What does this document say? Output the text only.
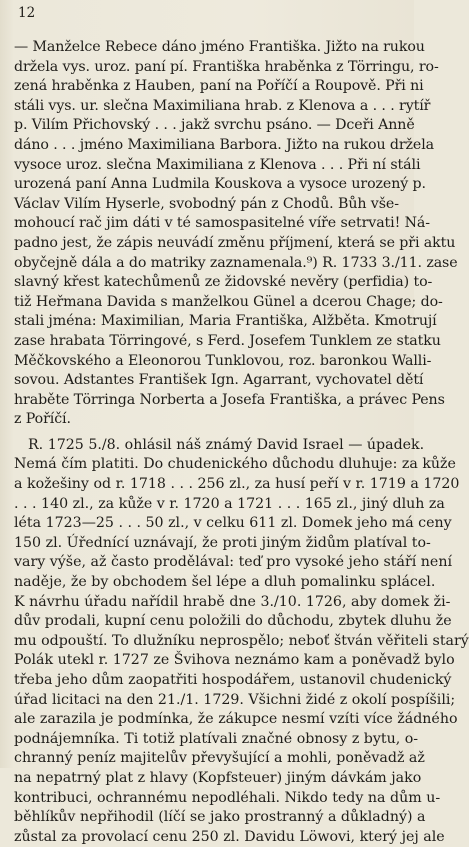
12
— Manželce Rebece dáno jméno Františka. Jižto na rukou
držela vys. uroz. paní pí. Františka hraběnka z Törringu, ro-
zená hraběnka z Hauben, paní na Poříčí a Roupově. Při ni
stáli vys. ur. slečna Maximiliana hrab. z Klenova a . . . rytíř
p. Vilím Přichovský . . . jakž svrchu psáno. — Dceři Anně
dáno . . . jméno Maximiliana Barbora. Jižto na rukou držela
vysoce uroz. slečna Maximiliana z Klenova . . . Při ní stáli
urozená paní Anna Ludmila Kouskova a vysoce urozený p.
Václav Vilím Hyserle, svobodný pán z Chodů. Bůh vše-
mohoucí rač jim dáti v té samospasitelné víře setrvati! Ná-
padno jest, že zápis neuvádí změnu příjmení, která se při aktu
obyčejně dála a do matriky zaznamenala.⁹) R. 1733 3./11. zase
slavný křest katechůmenů ze židovské nevěry (perfidia) to-
tiž Heřmana Davida s manželkou Günel a dcerou Chage; do-
stali jména: Maximilian, Maria Františka, Alžběta. Kmotrují
zase hrabata Törringové, s Ferd. Josefem Tunklem ze statku
Měčkovského a Eleonorou Tunklovou, roz. baronkou Walli-
sovou. Adstantes František Ign. Agarrant, vychovatel dětí
hraběte Törringa Norberta a Josefa Františka, a právec Pens
z Poříčí.
R. 1725 5./8. ohlásil náš známý David Israel — úpadek.
Nemá čím platiti. Do chudenického důchodu dluhuje: za kůže
a kožešiny od r. 1718 . . . 256 zl., za husí peří v r. 1719 a 1720
. . . 140 zl., za kůže v r. 1720 a 1721 . . . 165 zl., jiný dluh za
léta 1723—25 . . . 50 zl., v celku 611 zl. Domek jeho má ceny
150 zl. Úřednící uznávají, že proti jiným židům platíval to-
vary výše, až často prodělával: teď pro vysoké jeho stáří není
naděje, že by obchodem šel lépe a dluh pomalinku splácel.
K návrhu úřadu nařídil hrabě dne 3./10. 1726, aby domek ži-
dův prodali, kupní cenu položili do důchodu, zbytek dluhu že
mu odpouští. To dlužníku neprospělo; neboť štván věřiteli starý
Polák utekl r. 1727 ze Švihova neznámo kam a poněvadž bylo
třeba jeho dům zaopatřiti hospodářem, ustanovil chudenický
úřad licitaci na den 21./1. 1729. Všichni židé z okolí pospíšili;
ale zarazila je podmínka, že zákupce nesmí vzíti více žádného
podnájemníka. Ti totiž platívali značné obnosy z bytu, o-
chranný peníz majitelův převyšující a mohli, poněvadž až
na nepatrný plat z hlavy (Kopfsteuer) jiným dávkám jako
kontribuci, ochrannému nepodléhali. Nikdo tedy na dům u-
běhlíkův nepřihodil (líčí se jako prostranný a důkladný) a
zůstal za provolací cenu 250 zl. Davidu Löwovi, který jej ale
